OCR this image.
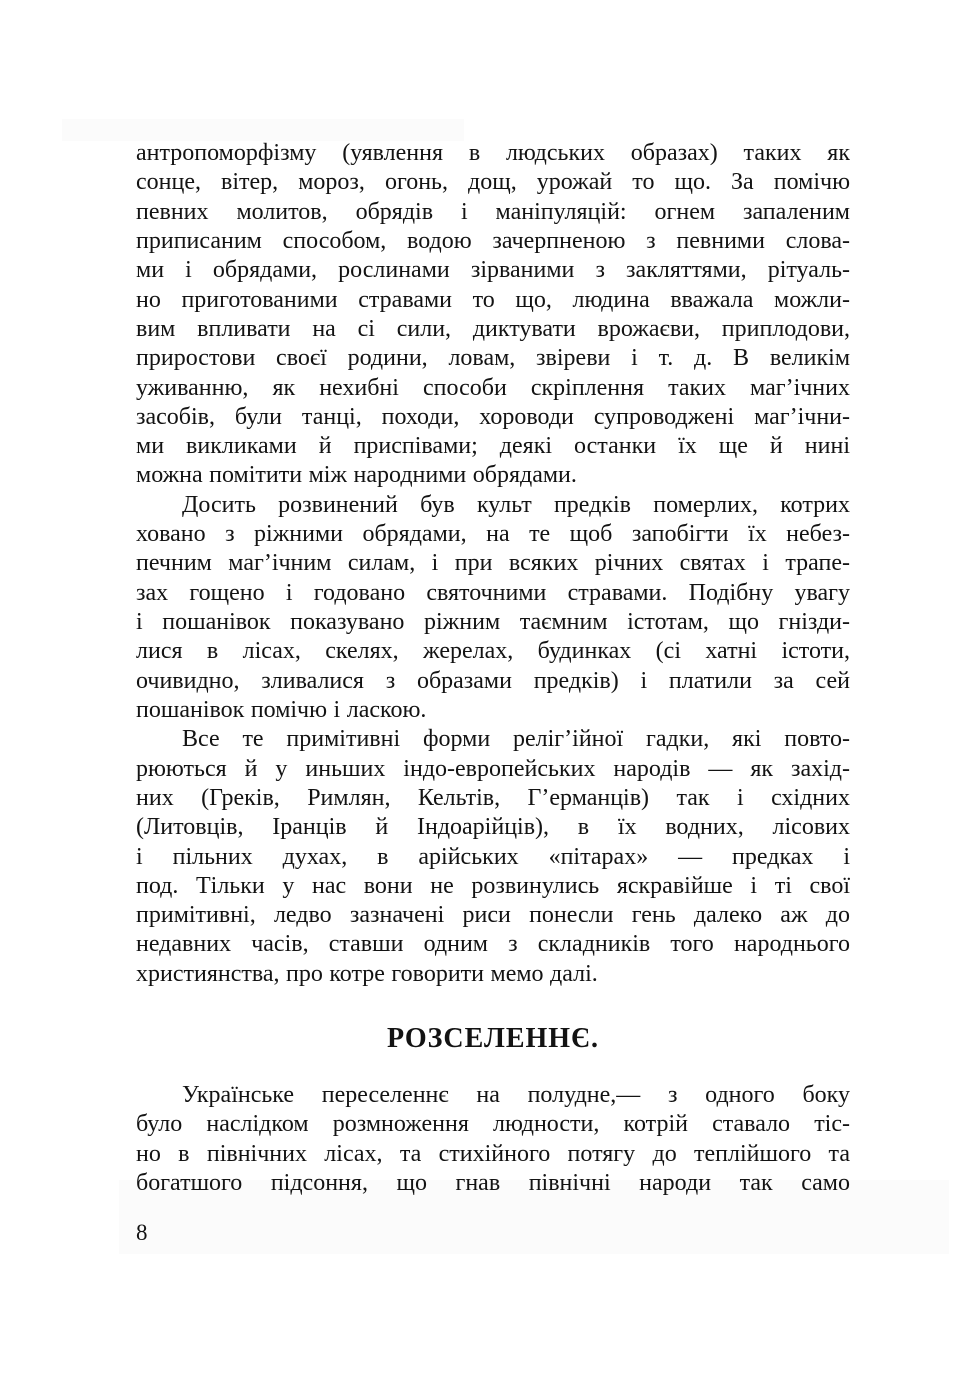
антропоморфізму (уявлення в людських образах) таких як
сонце, вітер, мороз, огонь, дощ, урожай то що. За помічю
певних молитов, обрядів і маніпуляцій: огнем запаленим
приписаним способом, водою зачерпненою з певними слова-
ми і обрядами, рослинами зірваними з закляттями, рітуаль-
но приготованими стравами то що, людина вважала можли-
вим впливати на сі сили, диктувати врожаєви, приплодови,
приростови своєї родини, ловам, звіреви і т. д. В великім
уживанню, як нехибні способи скріплення таких маг’ічних
засобів, були танці, походи, хороводи супроводжені маг’ічни-
ми викликами й приспівами; деякі останки їх ще й нині
можна помітити між народними обрядами.
Досить розвинений був культ предків померлих, котрих
ховано з ріжними обрядами, на те щоб запобігти їх небез-
печним маг’ічним силам, і при всяких річних святах і трапе-
зах гощено і годовано святочними стравами. Подібну увагу
і пошанівок показувано ріжним таємним істотам, що гнізди-
лися в лісах, скелях, жерелах, будинках (сі хатні істоти,
очивидно, зливалися з образами предків) і платили за сей
пошанівок помічю і ласкою.
Все те примітивні форми реліг’ійної гадки, які повто-
рюються й у иньших індо-европейських народів — як захід-
них (Греків, Римлян, Кельтів, Г’ерманців) так і східних
(Литовців, Іранців й Індоарійців), в їх водних, лісових
і пільних духах, в арійських «пітарах» — предках і
под. Тільки у нас вони не розвинулись яскравійше і ті свої
примітивні, ледво зазначені риси понесли гень далеко аж до
недавних часів, ставши одним з складників того народнього
християнства, про котре говорити мемо далі.
РОЗСЕЛЕННЄ.
Українське переселеннє на полудне,— з одного боку
було наслідком розмноження людности, котрій ставало тіс-
но в північних лісах, та стихійного потягу до теплійшого та
богатшого підсоння, що гнав північні народи так само
8
